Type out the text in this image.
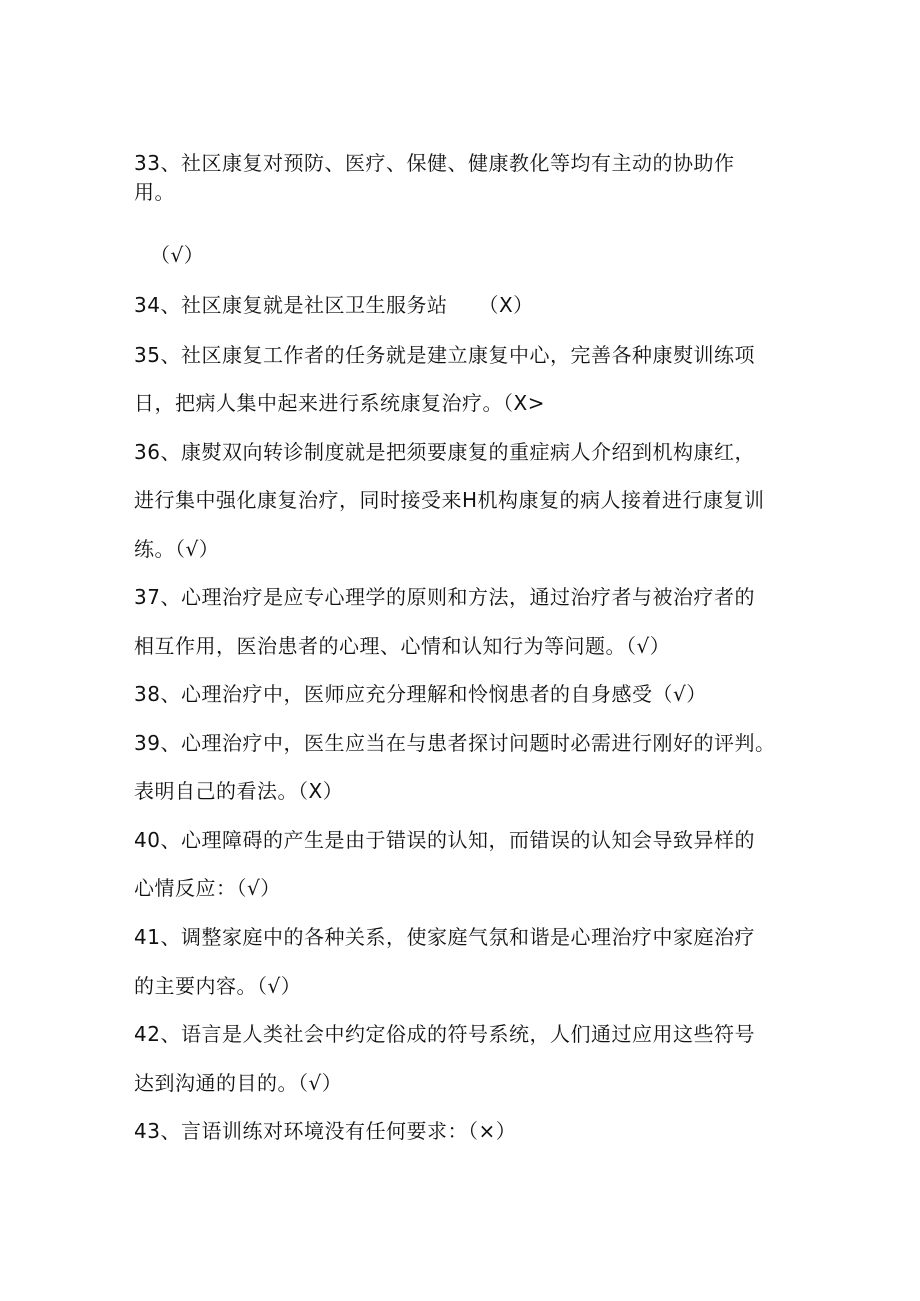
33、社区康复对预防、医疗、保健、健康教化等均有主动的协助作
用。
（√）
34、社区康复就是社区卫生服务站　　（X）
35、社区康复工作者的任务就是建立康复中心，完善各种康熨训练项
日，把病人集中起来进行系统康复治疗。（X>
36、康熨双向转诊制度就是把须要康复的重症病人介绍到机构康红，
进行集中强化康复治疗，同时接受来H机构康复的病人接着进行康复训
练。（√）
37、心理治疗是应专心理学的原则和方法，通过治疗者与被治疗者的
相互作用，医治患者的心理、心情和认知行为等问题。（√）
38、心理治疗中，医师应充分理解和怜悯患者的自身感受（√）
39、心理治疗中，医生应当在与患者探讨问题时必需进行刚好的评判。
表明自己的看法。（X）
40、心理障碍的产生是由于错误的认知，而错误的认知会导致异样的
心情反应：（√）
41、调整家庭中的各种关系，使家庭气氛和谐是心理治疗中家庭治疗
的主要内容。（√）
42、语言是人类社会中约定俗成的符号系统，人们通过应用这些符号
达到沟通的目的。（√）
43、言语训练对环境没有任何要求：（×）
